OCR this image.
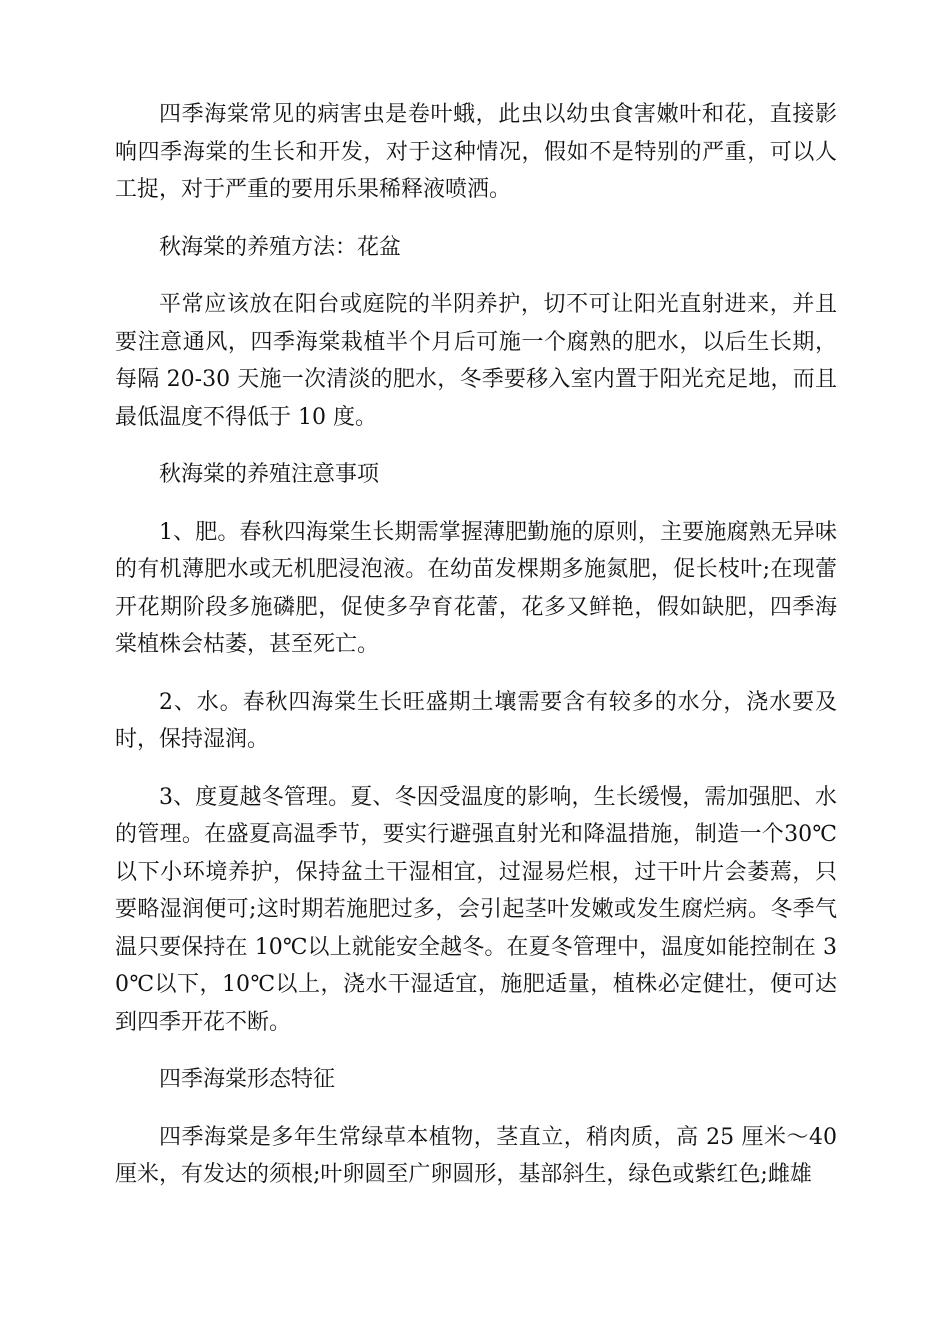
四季海棠常见的病害虫是卷叶蛾，此虫以幼虫食害嫩叶和花，直接影响四季海棠的生长和开发，对于这种情况，假如不是特别的严重，可以人工捉，对于严重的要用乐果稀释液喷洒。

秋海棠的养殖方法：花盆

平常应该放在阳台或庭院的半阴养护，切不可让阳光直射进来，并且要注意通风，四季海棠栽植半个月后可施一个腐熟的肥水，以后生长期，每隔 20-30 天施一次清淡的肥水，冬季要移入室内置于阳光充足地，而且最低温度不得低于 10 度。

秋海棠的养殖注意事项

1、肥。春秋四海棠生长期需掌握薄肥勤施的原则，主要施腐熟无异味的有机薄肥水或无机肥浸泡液。在幼苗发棵期多施氮肥，促长枝叶;在现蕾开花期阶段多施磷肥，促使多孕育花蕾，花多又鲜艳，假如缺肥，四季海棠植株会枯萎，甚至死亡。

2、水。春秋四海棠生长旺盛期土壤需要含有较多的水分，浇水要及时，保持湿润。

3、度夏越冬管理。夏、冬因受温度的影响，生长缓慢，需加强肥、水的管理。在盛夏高温季节，要实行避强直射光和降温措施，制造一个30℃以下小环境养护，保持盆土干湿相宜，过湿易烂根，过干叶片会萎蔫，只要略湿润便可;这时期若施肥过多，会引起茎叶发嫩或发生腐烂病。冬季气温只要保持在 10℃以上就能安全越冬。在夏冬管理中，温度如能控制在 30℃以下，10℃以上，浇水干湿适宜，施肥适量，植株必定健壮，便可达到四季开花不断。

四季海棠形态特征

四季海棠是多年生常绿草本植物，茎直立，稍肉质，高 25 厘米～40 厘米，有发达的须根;叶卵圆至广卵圆形，基部斜生，绿色或紫红色;雌雄
